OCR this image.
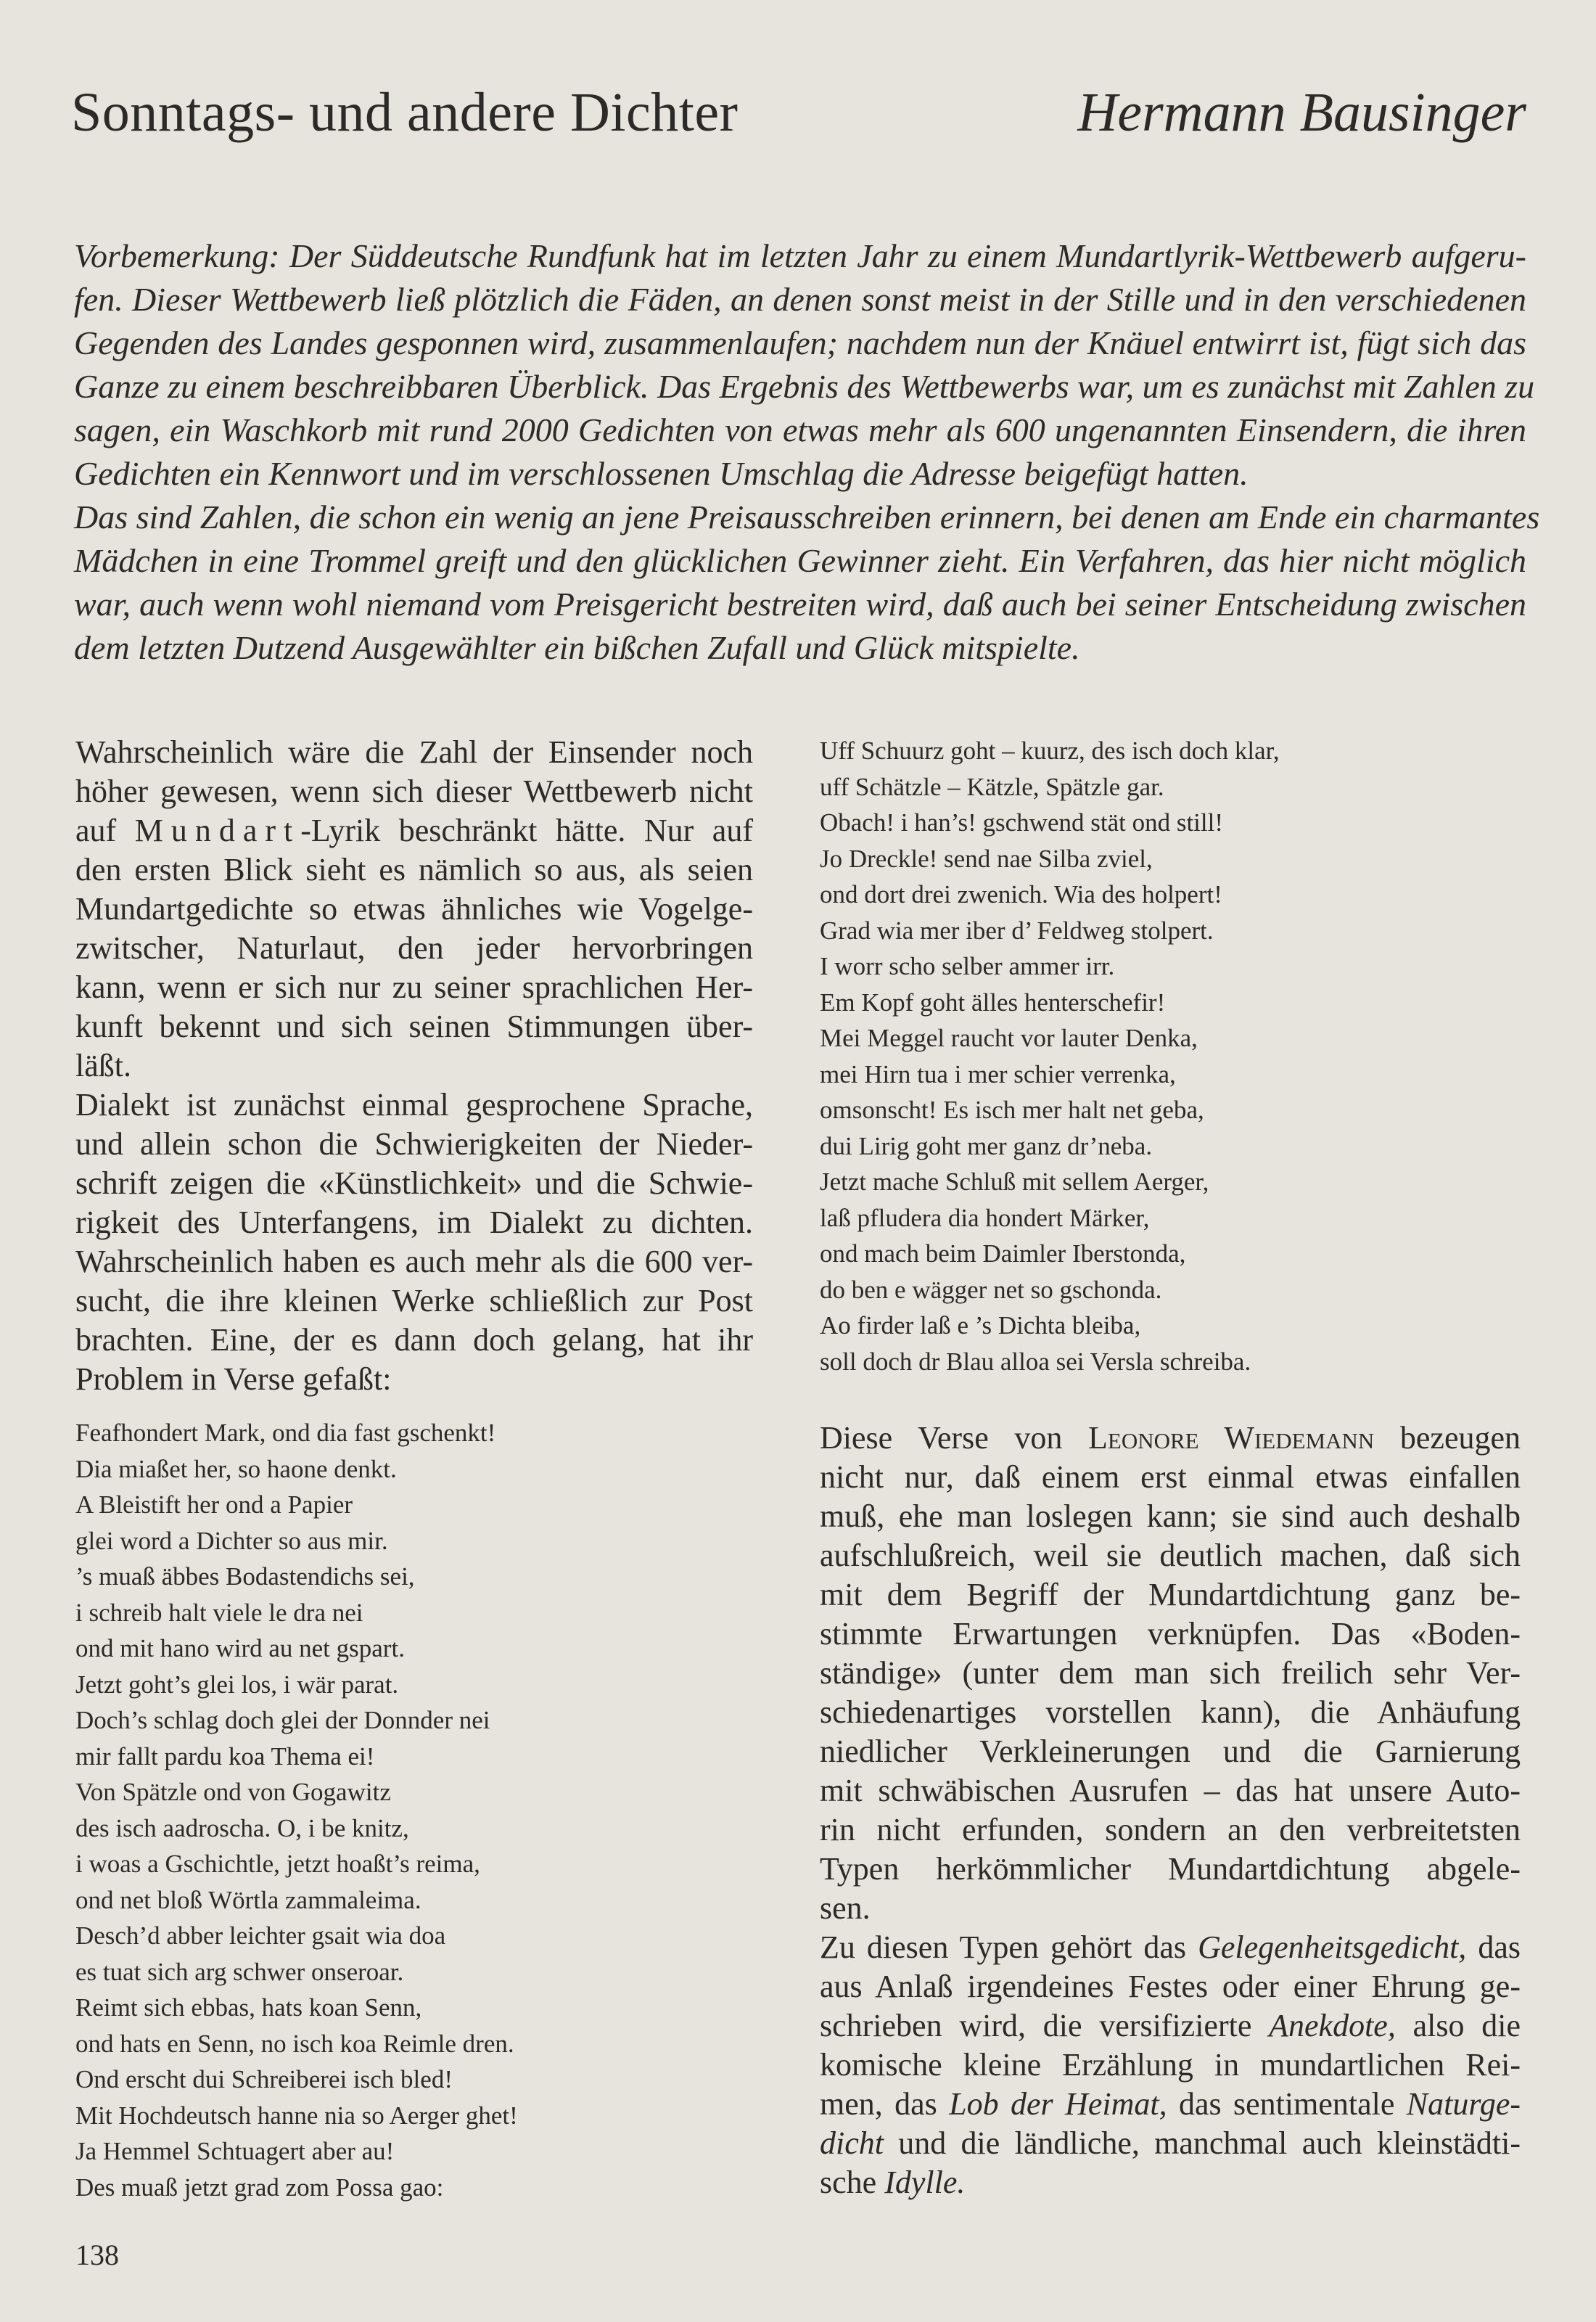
Sonntags- und andere Dichter	Hermann Bausinger
Vorbemerkung: Der Süddeutsche Rundfunk hat im letzten Jahr zu einem Mundartlyrik-Wettbewerb aufgeru-
fen. Dieser Wettbewerb ließ plötzlich die Fäden, an denen sonst meist in der Stille und in den verschiedenen
Gegenden des Landes gesponnen wird, zusammenlaufen; nachdem nun der Knäuel entwirrt ist, fügt sich das
Ganze zu einem beschreibbaren Überblick. Das Ergebnis des Wettbewerbs war, um es zunächst mit Zahlen zu
sagen, ein Waschkorb mit rund 2000 Gedichten von etwas mehr als 600 ungenannten Einsendern, die ihren
Gedichten ein Kennwort und im verschlossenen Umschlag die Adresse beigefügt hatten.
Das sind Zahlen, die schon ein wenig an jene Preisausschreiben erinnern, bei denen am Ende ein charmantes
Mädchen in eine Trommel greift und den glücklichen Gewinner zieht. Ein Verfahren, das hier nicht möglich
war, auch wenn wohl niemand vom Preisgericht bestreiten wird, daß auch bei seiner Entscheidung zwischen
dem letzten Dutzend Ausgewählter ein bißchen Zufall und Glück mitspielte.
Wahrscheinlich wäre die Zahl der Einsender noch
höher gewesen, wenn sich dieser Wettbewerb nicht
auf Mundart-Lyrik beschränkt hätte. Nur auf
den ersten Blick sieht es nämlich so aus, als seien
Mundartgedichte so etwas ähnliches wie Vogelge-
zwitscher, Naturlaut, den jeder hervorbringen
kann, wenn er sich nur zu seiner sprachlichen Her-
kunft bekennt und sich seinen Stimmungen über-
läßt.
Dialekt ist zunächst einmal gesprochene Sprache,
und allein schon die Schwierigkeiten der Nieder-
schrift zeigen die «Künstlichkeit» und die Schwie-
rigkeit des Unterfangens, im Dialekt zu dichten.
Wahrscheinlich haben es auch mehr als die 600 ver-
sucht, die ihre kleinen Werke schließlich zur Post
brachten. Eine, der es dann doch gelang, hat ihr
Problem in Verse gefaßt:
Feafhondert Mark, ond dia fast gschenkt!
Dia miaßet her, so haone denkt.
A Bleistift her ond a Papier
glei word a Dichter so aus mir.
’s muaß äbbes Bodastendichs sei,
i schreib halt viele le dra nei
ond mit hano wird au net gspart.
Jetzt goht’s glei los, i wär parat.
Doch’s schlag doch glei der Donnder nei
mir fallt pardu koa Thema ei!
Von Spätzle ond von Gogawitz
des isch aadroscha. O, i be knitz,
i woas a Gschichtle, jetzt hoaßt’s reima,
ond net bloß Wörtla zammaleima.
Desch’d abber leichter gsait wia doa
es tuat sich arg schwer onseroar.
Reimt sich ebbas, hats koan Senn,
ond hats en Senn, no isch koa Reimle dren.
Ond erscht dui Schreiberei isch bled!
Mit Hochdeutsch hanne nia so Aerger ghet!
Ja Hemmel Schtuagert aber au!
Des muaß jetzt grad zom Possa gao:
Uff Schuurz goht – kuurz, des isch doch klar,
uff Schätzle – Kätzle, Spätzle gar.
Obach! i han’s! gschwend stät ond still!
Jo Dreckle! send nae Silba zviel,
ond dort drei zwenich. Wia des holpert!
Grad wia mer iber d’ Feldweg stolpert.
I worr scho selber ammer irr.
Em Kopf goht älles henterschefir!
Mei Meggel raucht vor lauter Denka,
mei Hirn tua i mer schier verrenka,
omsonscht! Es isch mer halt net geba,
dui Lirig goht mer ganz dr’neba.
Jetzt mache Schluß mit sellem Aerger,
laß pfludera dia hondert Märker,
ond mach beim Daimler Iberstonda,
do ben e wägger net so gschonda.
Ao firder laß e ’s Dichta bleiba,
soll doch dr Blau alloa sei Versla schreiba.
Diese Verse von Leonore Wiedemann bezeugen
nicht nur, daß einem erst einmal etwas einfallen
muß, ehe man loslegen kann; sie sind auch deshalb
aufschlußreich, weil sie deutlich machen, daß sich
mit dem Begriff der Mundartdichtung ganz be-
stimmte Erwartungen verknüpfen. Das «Boden-
ständige» (unter dem man sich freilich sehr Ver-
schiedenartiges vorstellen kann), die Anhäufung
niedlicher Verkleinerungen und die Garnierung
mit schwäbischen Ausrufen – das hat unsere Auto-
rin nicht erfunden, sondern an den verbreitetsten
Typen herkömmlicher Mundartdichtung abgele-
sen.
Zu diesen Typen gehört das Gelegenheitsgedicht, das
aus Anlaß irgendeines Festes oder einer Ehrung ge-
schrieben wird, die versifizierte Anekdote, also die
komische kleine Erzählung in mundartlichen Rei-
men, das Lob der Heimat, das sentimentale Naturge-
dicht und die ländliche, manchmal auch kleinstädti-
sche Idylle.
138
